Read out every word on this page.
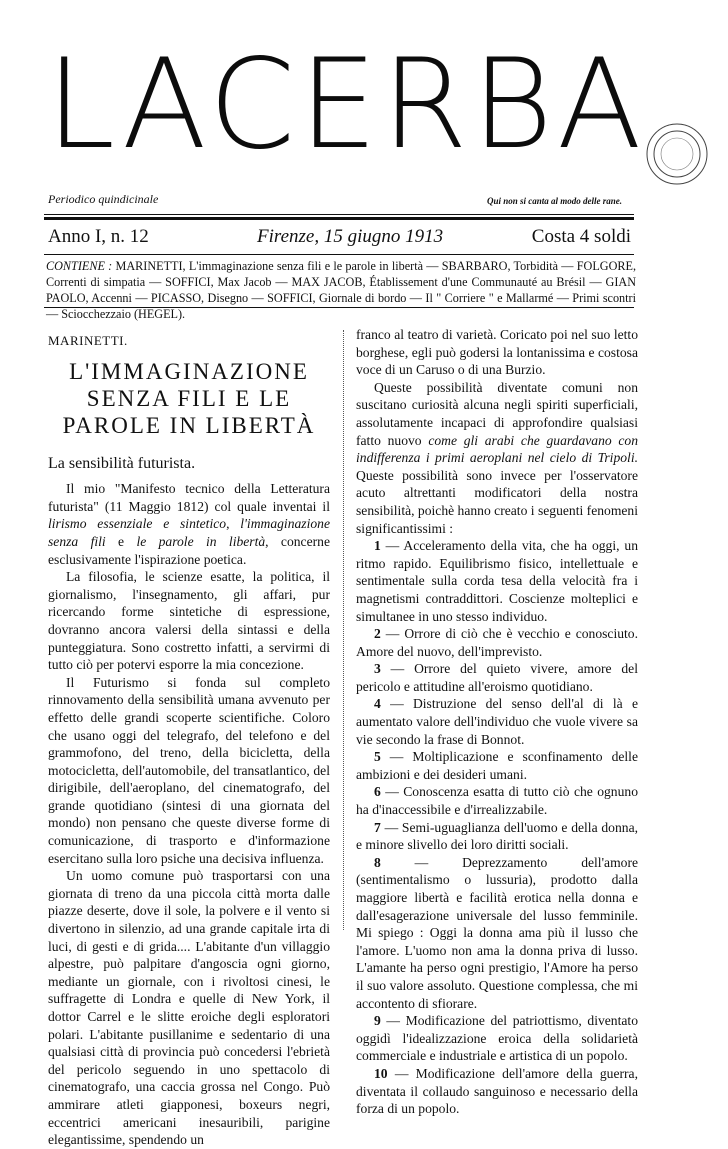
LACERBA
Periodico quindicinale	Qui non si canta al modo delle rane.
Anno I, n. 12	Firenze, 15 giugno 1913	Costa 4 soldi
CONTIENE : MARINETTI, L'immaginazione senza fili e le parole in libertà — SBARBARO, Torbidità — FOLGORE, Correnti di simpatia — SOFFICI, Max Jacob — MAX JACOB, Établissement d'une Communauté au Brésil — GIAN PAOLO, Accenni — PICASSO, Disegno — SOFFICI, Giornale di bordo — Il " Corriere " e Mallarmé — Primi scontri — Sciocchezzaio (HEGEL).
MARINETTI.
L'IMMAGINAZIONE SENZA FILI E LE PAROLE IN LIBERTÀ
La sensibilità futurista.

Il mio "Manifesto tecnico della Letteratura futurista" (11 Maggio 1812) col quale inventai il lirismo essenziale e sintetico, l'immaginazione senza fili e le parole in libertà, concerne esclusivamente l'ispirazione poetica.

La filosofia, le scienze esatte, la politica, il giornalismo, l'insegnamento, gli affari, pur ricercando forme sintetiche di espressione, dovranno ancora valersi della sintassi e della punteggiatura. Sono costretto infatti, a servirmi di tutto ciò per potervi esporre la mia concezione.

Il Futurismo si fonda sul completo rinnovamento della sensibilità umana avvenuto per effetto delle grandi scoperte scientifiche. Coloro che usano oggi del telegrafo, del telefono e del grammofono, del treno, della bicicletta, della motocicletta, dell'automobile, del transatlantico, del dirigibile, dell'aeroplano, del cinematografo, del grande quotidiano (sintesi di una giornata del mondo) non pensano che queste diverse forme di comunicazione, di trasporto e d'informazione esercitano sulla loro psiche una decisiva influenza.

Un uomo comune può trasportarsi con una giornata di treno da una piccola città morta dalle piazze deserte, dove il sole, la polvere e il vento si divertono in silenzio, ad una grande capitale irta di luci, di gesti e di grida.... L'abitante d'un villaggio alpestre, può palpitare d'angoscia ogni giorno, mediante un giornale, con i rivoltosi cinesi, le suffragette di Londra e quelle di New York, il dottor Carrel e le slitte eroiche degli esploratori polari. L'abitante pusillanime e sedentario di una qualsiasi città di provincia può concedersi l'ebrietà del pericolo seguendo in uno spettacolo di cinematografo, una caccia grossa nel Congo. Può ammirare atleti giapponesi, boxeurs negri, eccentrici americani inesauribili, parigine elegantissime, spendendo un

franco al teatro di varietà. Coricato poi nel suo letto borghese, egli può godersi la lontanissima e costosa voce di un Caruso o di una Burzio.

Queste possibilità diventate comuni non suscitano curiosità alcuna negli spiriti superficiali, assolutamente incapaci di approfondire qualsiasi fatto nuovo come gli arabi che guardavano con indifferenza i primi aeroplani nel cielo di Tripoli. Queste possibilità sono invece per l'osservatore acuto altrettanti modificatori della nostra sensibilità, poichè hanno creato i seguenti fenomeni significantissimi :

1 — Acceleramento della vita, che ha oggi, un ritmo rapido. Equilibrismo fisico, intellettuale e sentimentale sulla corda tesa della velocità fra i magnetismi contraddittori. Coscienze molteplici e simultanee in uno stesso individuo.

2 — Orrore di ciò che è vecchio e conosciuto. Amore del nuovo, dell'imprevisto.

3 — Orrore del quieto vivere, amore del pericolo e attitudine all'eroismo quotidiano.

4 — Distruzione del senso dell'al di là e aumentato valore dell'individuo che vuole vivere sa vie secondo la frase di Bonnot.

5 — Moltiplicazione e sconfinamento delle ambizioni e dei desideri umani.

6 — Conoscenza esatta di tutto ciò che ognuno ha d'inaccessibile e d'irrealizzabile.

7 — Semi-uguaglianza dell'uomo e della donna, e minore slivello dei loro diritti sociali.

8 — Deprezzamento dell'amore (sentimentalismo o lussuria), prodotto dalla maggiore libertà e facilità erotica nella donna e dall'esagerazione universale del lusso femminile. Mi spiego : Oggi la donna ama più il lusso che l'amore. L'uomo non ama la donna priva di lusso. L'amante ha perso ogni prestigio, l'Amore ha perso il suo valore assoluto. Questione complessa, che mi accontento di sfiorare.

9 — Modificazione del patriottismo, diventato oggidì l'idealizzazione eroica della solidarietà commerciale e industriale e artistica di un popolo.

10 — Modificazione dell'amore della guerra, diventata il collaudo sanguinoso e necessario della forza di un popolo.
